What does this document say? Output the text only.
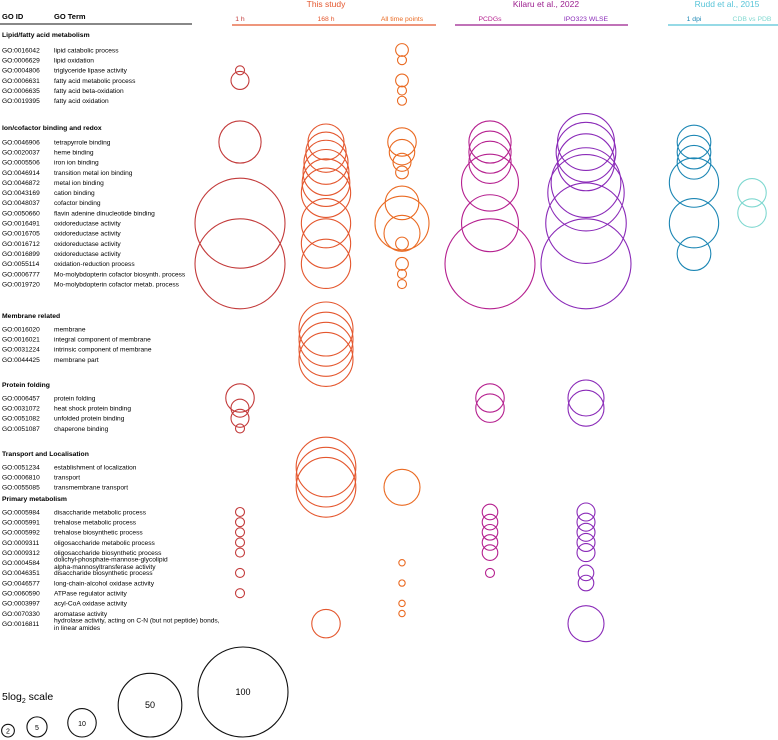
GO ID	GO Term
This study
1 h	168 h	All time points
Kilaru et al., 2022
PCDGs	IPO323 WLSE
Rudd et al., 2015
1 dpi	CDB vs PDB
Lipid/fatty acid metabolism
GO:0016042 lipid catabolic process
GO:0006629 lipid oxidation
GO:0004806 triglyceride lipase activity
GO:0006631 fatty acid metabolic process
GO:0006635 fatty acid beta-oxidation
GO:0019395 fatty acid oxidation
Ion/cofactor binding and redox
GO:0046906 tetrapyrrole binding
GO:0020037 heme binding
GO:0005506 iron ion binding
GO:0046914 transition metal ion binding
GO:0046872 metal ion binding
GO:0043169 cation binding
GO:0048037 cofactor binding
GO:0050660 flavin adenine dinucleotide binding
GO:0016491 oxidoreductase activity
GO:0016705 oxidoreductase activity
GO:0016712 oxidoreductase activity
GO:0016899 oxidoreductase activity
GO:0055114 oxidation-reduction process
GO:0006777 Mo-molybdopterin cofactor biosynth. process
GO:0019720 Mo-molybdopterin cofactor metab. process
Membrane related
GO:0016020 membrane
GO:0016021 integral component of membrane
GO:0031224 intrinsic component of membrane
GO:0044425 membrane part
Protein folding
GO:0006457 protein folding
GO:0031072 heat shock protein binding
GO:0051082 unfolded protein binding
GO:0051087 chaperone binding
Transport and Localisation
GO:0051234 establishment of localization
GO:0006810 transport
GO:0055085 transmembrane transport
Primary metabolism
GO:0005984 disaccharide metabolic process
GO:0005991 trehalose metabolic process
GO:0005992 trehalose biosynthetic process
GO:0009311 oligosaccharide metabolic process
GO:0009312 oligosaccharide biosynthetic process
GO:0004584 dolichyl-phosphate-mannose-glycolipid alpha-mannosyltransferase activity
GO:0046351 disaccharide biosynthetic process
GO:0046577 long-chain-alcohol oxidase activity
GO:0060590 ATPase regulator activity
GO:0003997 acyl-CoA oxidase activity
GO:0070330 aromatase activity
GO:0016811 hydrolase activity, acting on C-N (but not peptide) bonds, in linear amides
$5\log_2$ scale
2
5
10
50
100
